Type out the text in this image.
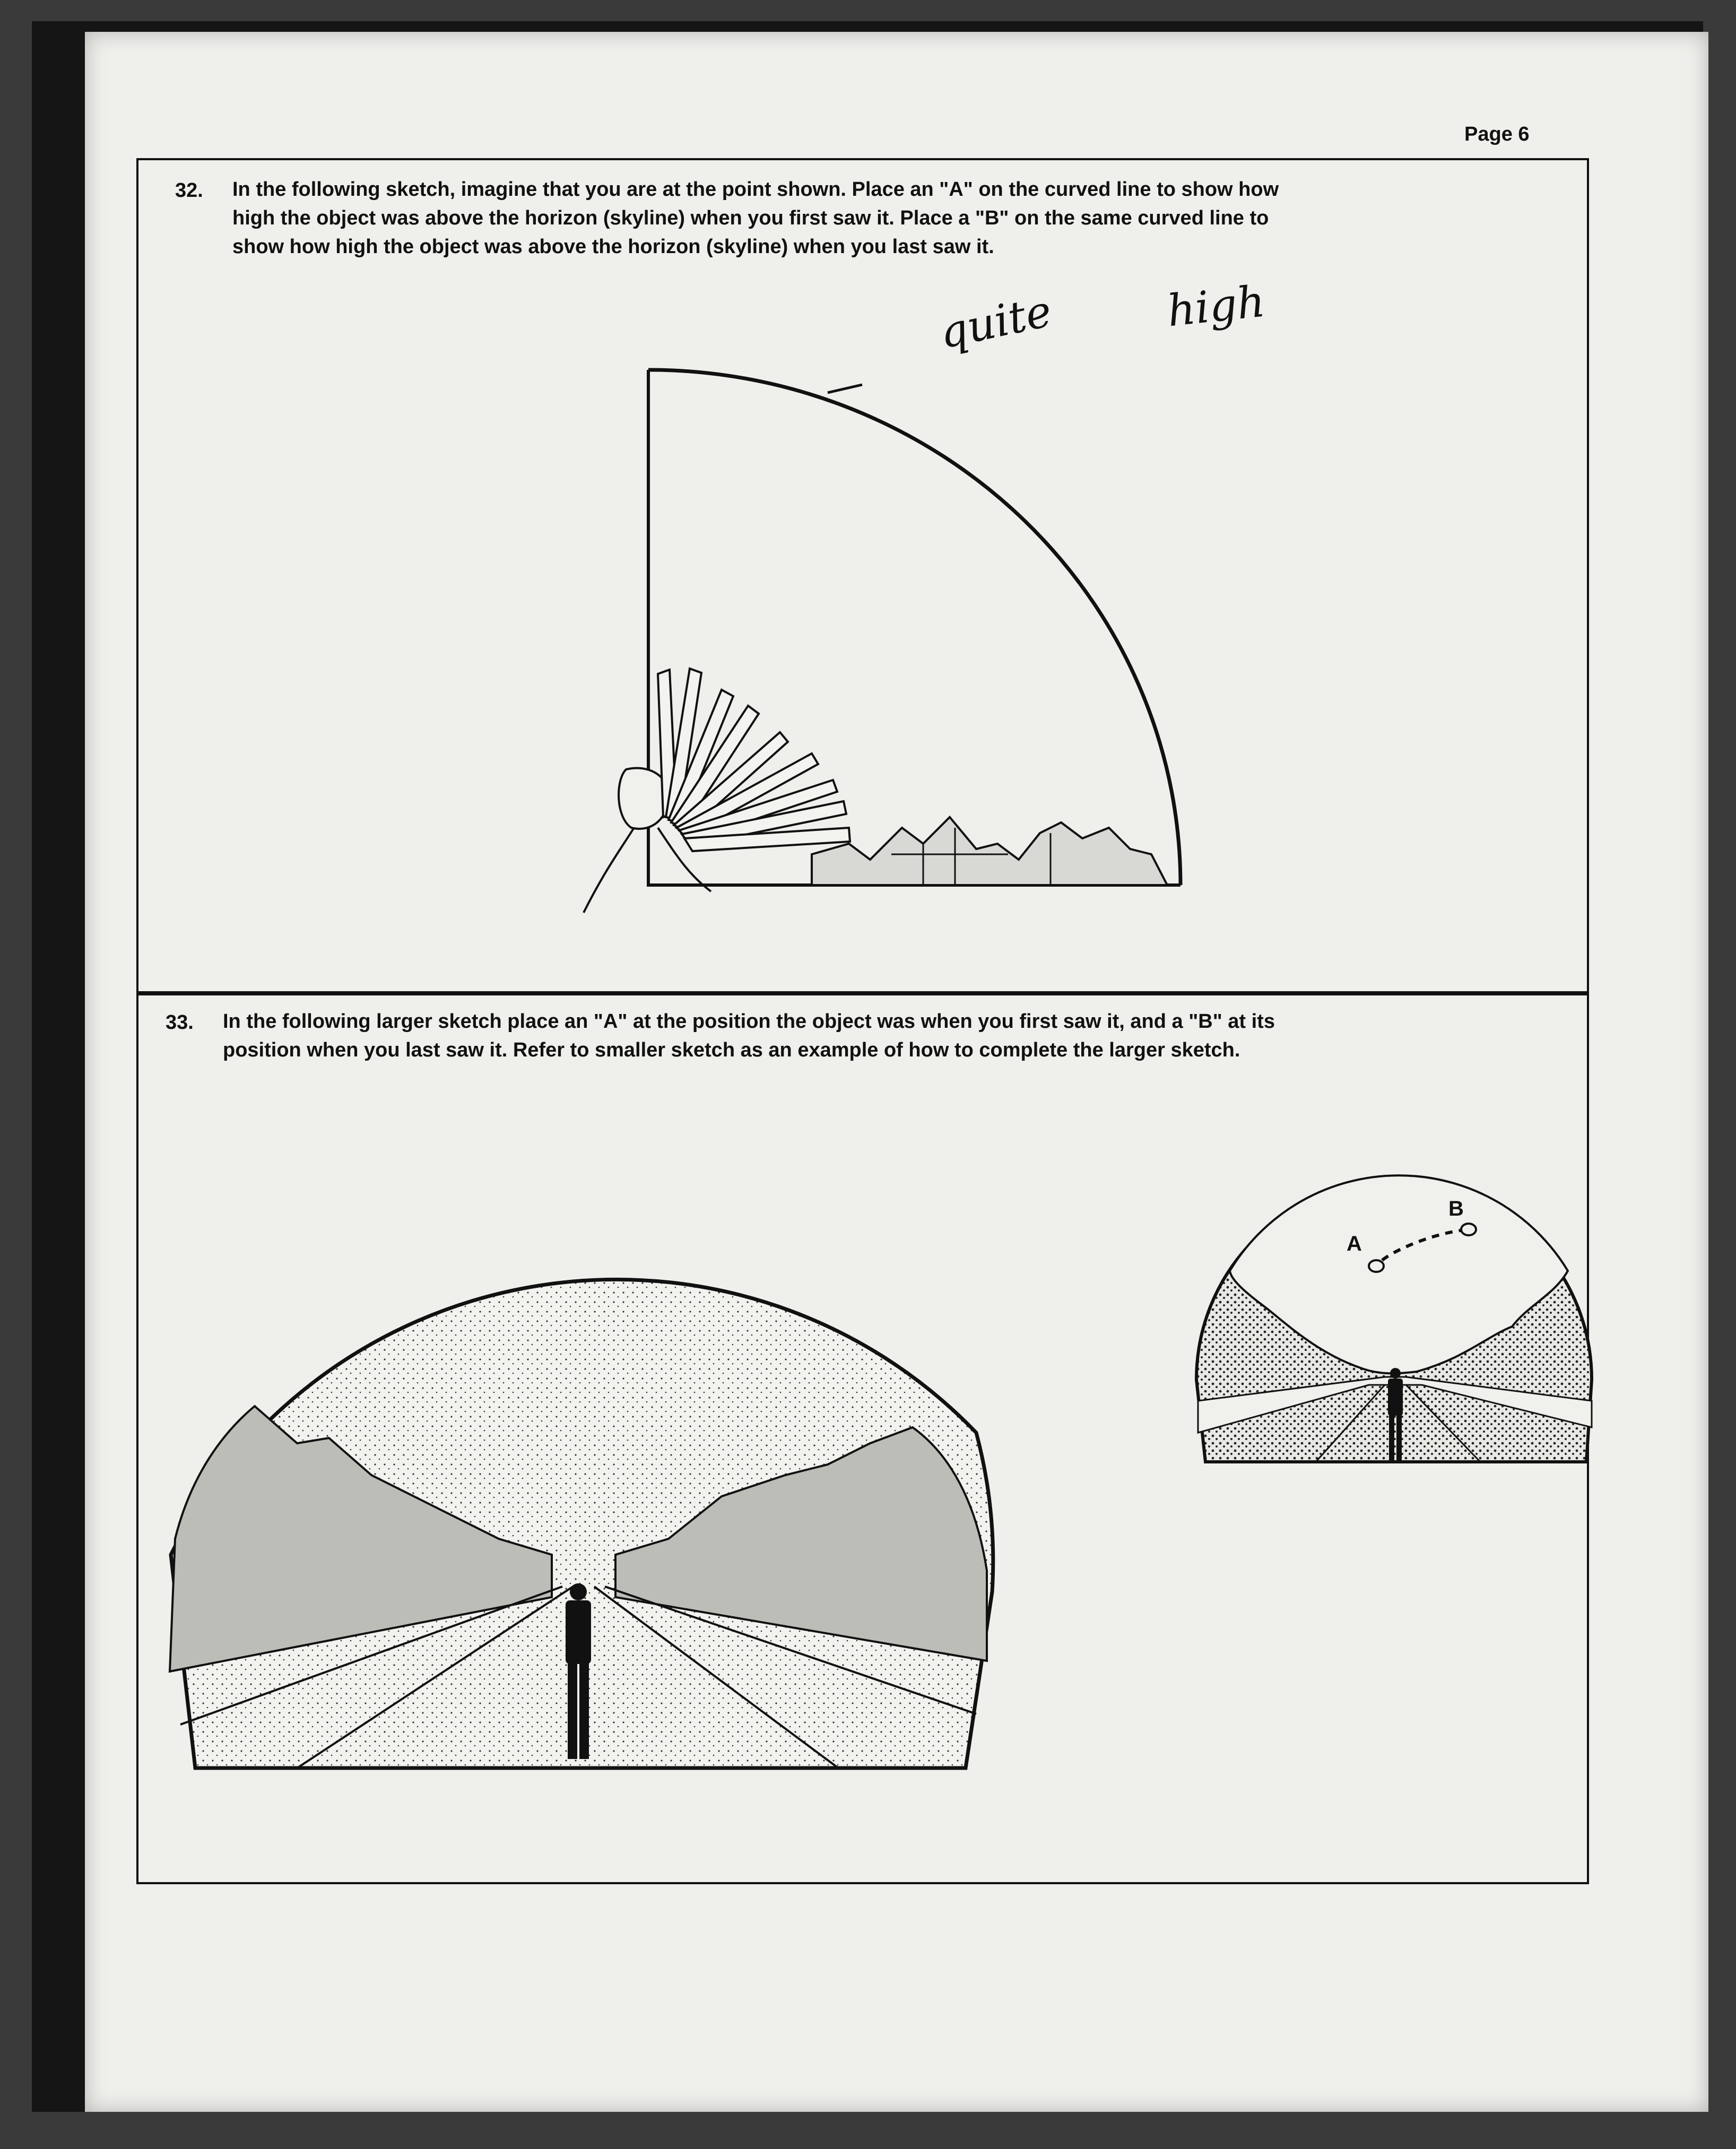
Page 6
32. In the following sketch, imagine that you are at the point shown. Place an "A" on the curved line to show how
high the object was above the horizon (skyline) when you first saw it. Place a "B" on the same curved line to
show how high the object was above the horizon (skyline) when you last saw it.
quite high
33. In the following larger sketch place an "A" at the position the object was when you first saw it, and a "B" at its
position when you last saw it. Refer to smaller sketch as an example of how to complete the larger sketch.
A
B
